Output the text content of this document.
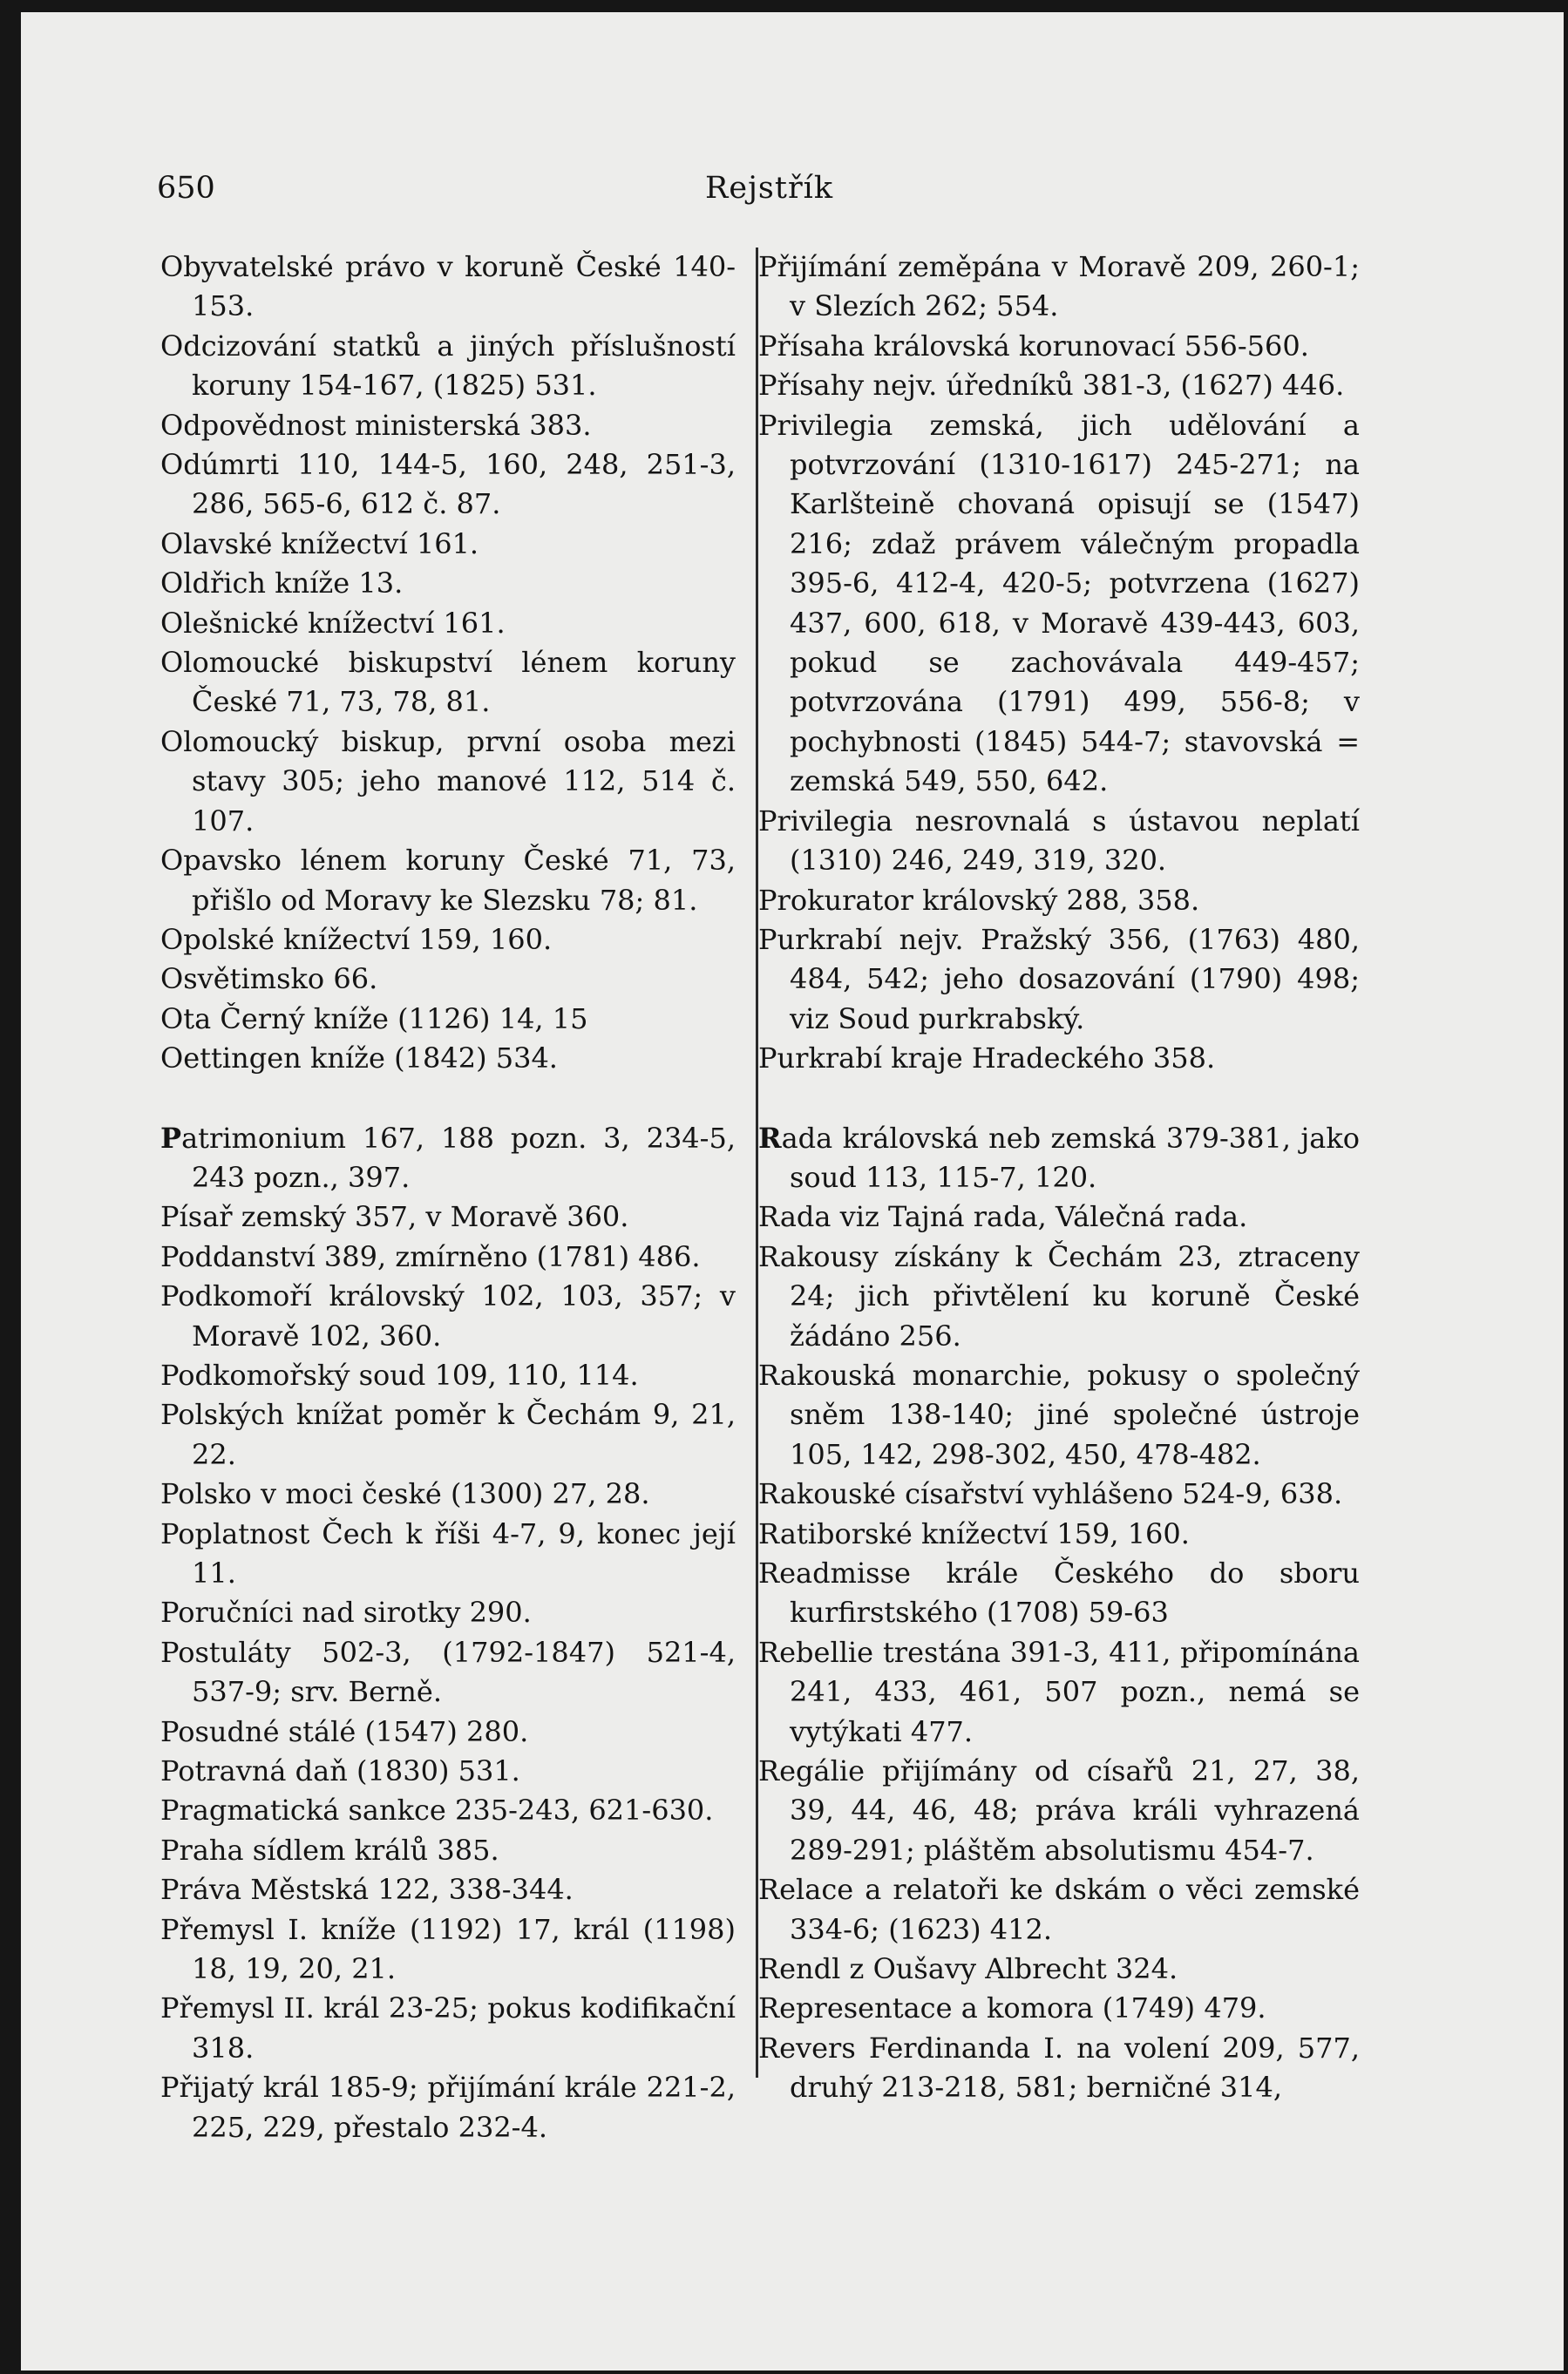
650	Rejstřík
Obyvatelské právo v koruně České 140-153.
Odcizování statků a jiných příslušností koruny 154-167, (1825) 531.
Odpovědnost ministerská 383.
Odúmrti 110, 144-5, 160, 248, 251-3, 286, 565-6, 612 č. 87.
Olavské knížectví 161.
Oldřich kníže 13.
Olešnické knížectví 161.
Olomoucké biskupství lénem koruny České 71, 73, 78, 81.
Olomoucký biskup, první osoba mezi stavy 305; jeho manové 112, 514 č. 107.
Opavsko lénem koruny České 71, 73, přišlo od Moravy ke Slezsku 78; 81.
Opolské knížectví 159, 160.
Osvětimsko 66.
Ota Černý kníže (1126) 14, 15
Oettingen kníže (1842) 534.
Patrimonium 167, 188 pozn. 3, 234-5, 243 pozn., 397.
Písař zemský 357, v Moravě 360.
Poddanství 389, zmírněno (1781) 486.
Podkomoří královský 102, 103, 357; v Moravě 102, 360.
Podkomořský soud 109, 110, 114.
Polských knížat poměr k Čechám 9, 21, 22.
Polsko v moci české (1300) 27, 28.
Poplatnost Čech k říši 4-7, 9, konec její 11.
Poručníci nad sirotky 290.
Postuláty 502-3, (1792-1847) 521-4, 537-9; srv. Berně.
Posudné stálé (1547) 280.
Potravná daň (1830) 531.
Pragmatická sankce 235-243, 621-630.
Praha sídlem králů 385.
Práva Městská 122, 338-344.
Přemysl I. kníže (1192) 17, král (1198) 18, 19, 20, 21.
Přemysl II. král 23-25; pokus kodifikační 318.
Přijatý král 185-9; přijímání krále 221-2, 225, 229, přestalo 232-4.
Přijímání zeměpána v Moravě 209, 260-1; v Slezích 262; 554.
Přísaha královská korunovací 556-560.
Přísahy nejv. úředníků 381-3, (1627) 446.
Privilegia zemská, jich udělování a potvrzování (1310-1617) 245-271; na Karlšteině chovaná opisují se (1547) 216; zdaž právem válečným propadla 395-6, 412-4, 420-5; potvrzena (1627) 437, 600, 618, v Moravě 439-443, 603, pokud se zachovávala 449-457; potvrzována (1791) 499, 556-8; v pochybnosti (1845) 544-7; stavovská = zemská 549, 550, 642.
Privilegia nesrovnalá s ústavou neplatí (1310) 246, 249, 319, 320.
Prokurator královský 288, 358.
Purkrabí nejv. Pražský 356, (1763) 480, 484, 542; jeho dosazování (1790) 498; viz Soud purkrabský.
Purkrabí kraje Hradeckého 358.
Rada královská neb zemská 379-381, jako soud 113, 115-7, 120.
Rada viz Tajná rada, Válečná rada.
Rakousy získány k Čechám 23, ztraceny 24; jich přivtělení ku koruně České žádáno 256.
Rakouská monarchie, pokusy o společný sněm 138-140; jiné společné ústroje 105, 142, 298-302, 450, 478-482.
Rakouské císařství vyhlášeno 524-9, 638.
Ratiborské knížectví 159, 160.
Readmisse krále Českého do sboru kurfirstského (1708) 59-63
Rebellie trestána 391-3, 411, připomínána 241, 433, 461, 507 pozn., nemá se vytýkati 477.
Regálie přijímány od císařů 21, 27, 38, 39, 44, 46, 48; práva králi vyhrazená 289-291; pláštěm absolutismu 454-7.
Relace a relatoři ke dskám o věci zemské 334-6; (1623) 412.
Rendl z Oušavy Albrecht 324.
Representace a komora (1749) 479.
Revers Ferdinanda I. na volení 209, 577, druhý 213-218, 581; berničné 314,
